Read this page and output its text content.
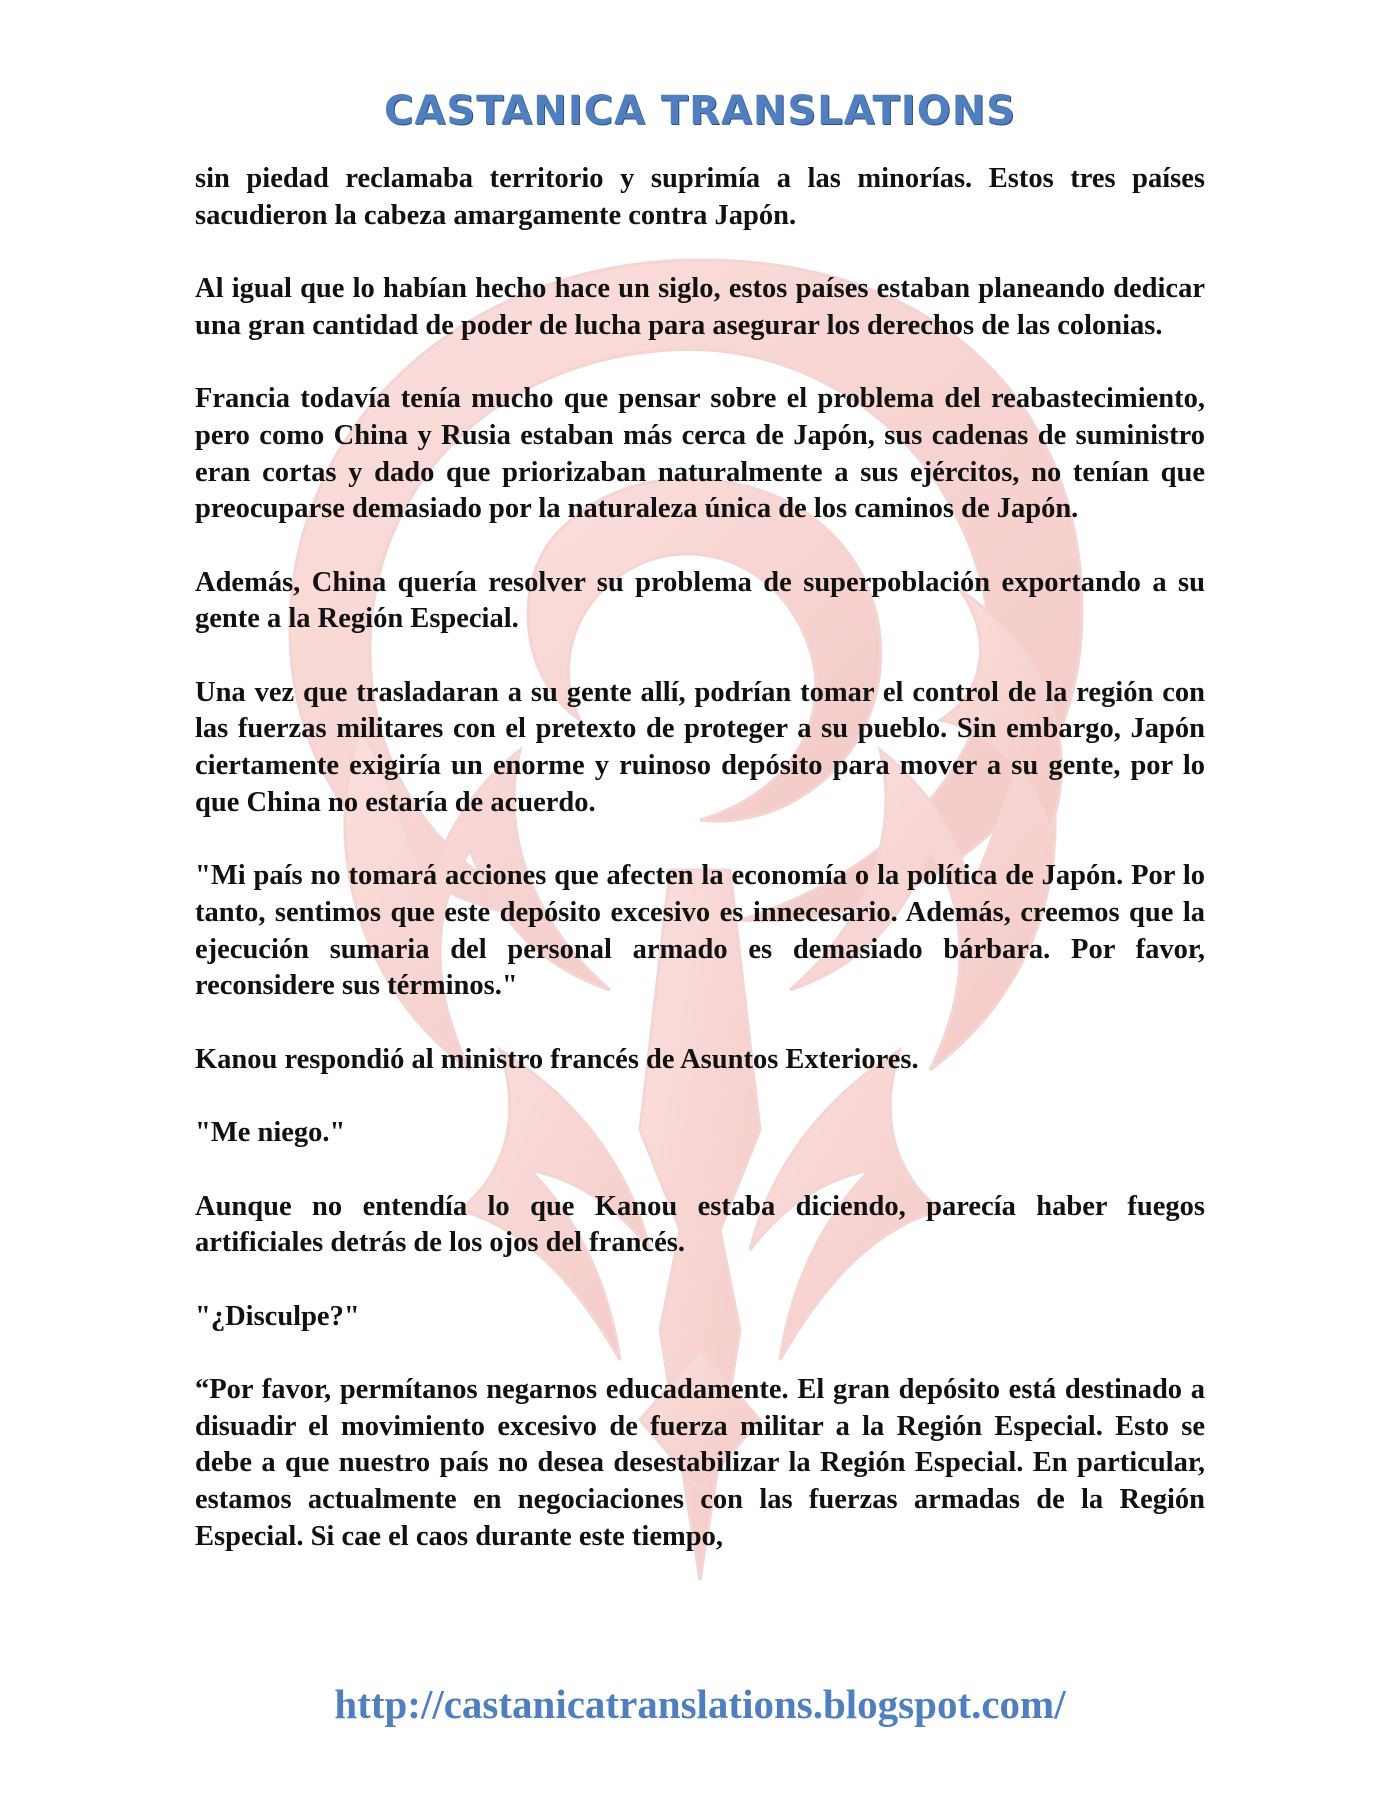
CASTANICA TRANSLATIONS

sin piedad reclamaba territorio y suprimía a las minorías. Estos tres países sacudieron la cabeza amargamente contra Japón.

Al igual que lo habían hecho hace un siglo, estos países estaban planeando dedicar una gran cantidad de poder de lucha para asegurar los derechos de las colonias.

Francia todavía tenía mucho que pensar sobre el problema del reabastecimiento, pero como China y Rusia estaban más cerca de Japón, sus cadenas de suministro eran cortas y dado que priorizaban naturalmente a sus ejércitos, no tenían que preocuparse demasiado por la naturaleza única de los caminos de Japón.

Además, China quería resolver su problema de superpoblación exportando a su gente a la Región Especial.

Una vez que trasladaran a su gente allí, podrían tomar el control de la región con las fuerzas militares con el pretexto de proteger a su pueblo. Sin embargo, Japón ciertamente exigiría un enorme y ruinoso depósito para mover a su gente, por lo que China no estaría de acuerdo.

"Mi país no tomará acciones que afecten la economía o la política de Japón. Por lo tanto, sentimos que este depósito excesivo es innecesario. Además, creemos que la ejecución sumaria del personal armado es demasiado bárbara. Por favor, reconsidere sus términos."

Kanou respondió al ministro francés de Asuntos Exteriores.

"Me niego."

Aunque no entendía lo que Kanou estaba diciendo, parecía haber fuegos artificiales detrás de los ojos del francés.

"¿Disculpe?"

“Por favor, permítanos negarnos educadamente. El gran depósito está destinado a disuadir el movimiento excesivo de fuerza militar a la Región Especial. Esto se debe a que nuestro país no desea desestabilizar la Región Especial. En particular, estamos actualmente en negociaciones con las fuerzas armadas de la Región Especial. Si cae el caos durante este tiempo,

http://castanicatranslations.blogspot.com/
